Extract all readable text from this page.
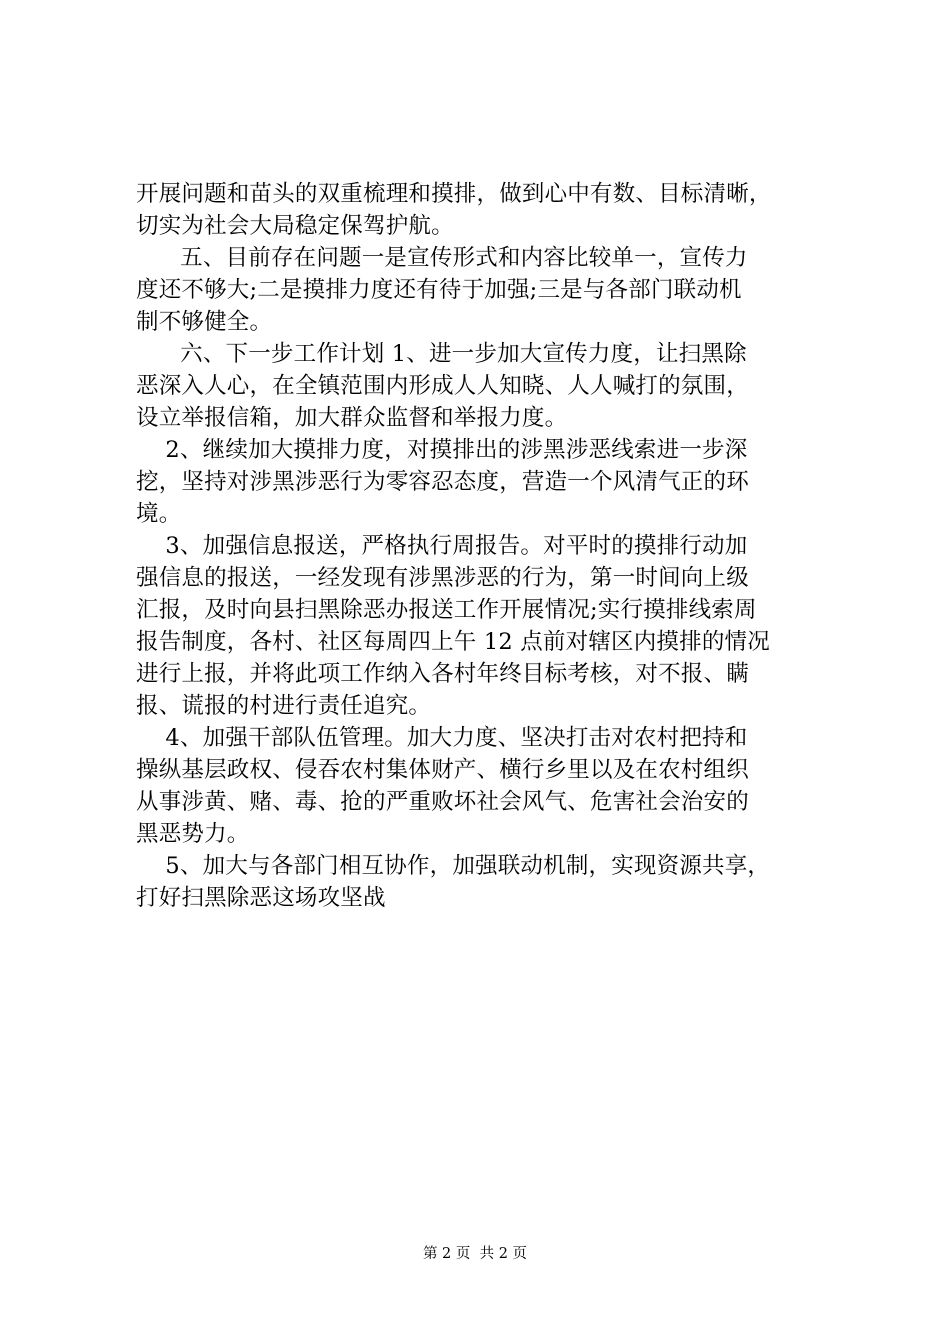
开展问题和苗头的双重梳理和摸排，做到心中有数、目标清晰，
切实为社会大局稳定保驾护航。
五、目前存在问题一是宣传形式和内容比较单一，宣传力
度还不够大;二是摸排力度还有待于加强;三是与各部门联动机
制不够健全。
六、下一步工作计划 1、进一步加大宣传力度，让扫黑除
恶深入人心，在全镇范围内形成人人知晓、人人喊打的氛围，
设立举报信箱，加大群众监督和举报力度。
2、继续加大摸排力度，对摸排出的涉黑涉恶线索进一步深
挖，坚持对涉黑涉恶行为零容忍态度，营造一个风清气正的环
境。
3、加强信息报送，严格执行周报告。对平时的摸排行动加
强信息的报送，一经发现有涉黑涉恶的行为，第一时间向上级
汇报，及时向县扫黑除恶办报送工作开展情况;实行摸排线索周
报告制度，各村、社区每周四上午 12 点前对辖区内摸排的情况
进行上报，并将此项工作纳入各村年终目标考核，对不报、瞒
报、谎报的村进行责任追究。
4、加强干部队伍管理。加大力度、坚决打击对农村把持和
操纵基层政权、侵吞农村集体财产、横行乡里以及在农村组织
从事涉黄、赌、毒、抢的严重败坏社会风气、危害社会治安的
黑恶势力。
5、加大与各部门相互协作，加强联动机制，实现资源共享，
打好扫黑除恶这场攻坚战
第 2 页  共 2 页
